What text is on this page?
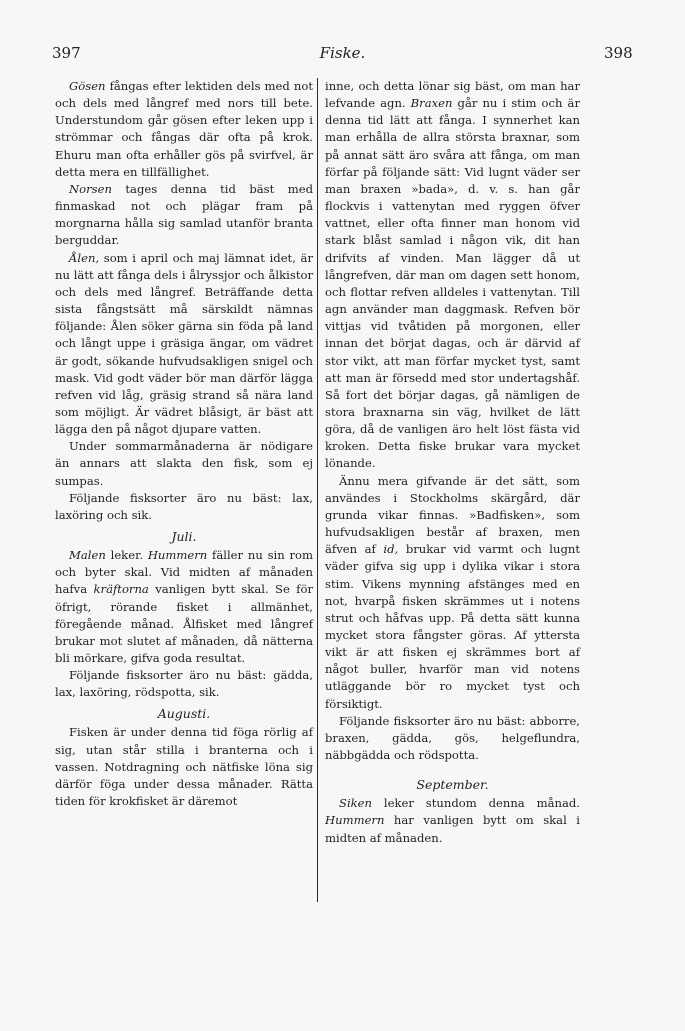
397	Fiske.	398

Gösen fångas efter lektiden dels med not och dels med långref med nors till bete. Understundom går gösen efter leken upp i strömmar och fångas där ofta på krok. Ehuru man ofta erhåller gös på svirfvel, är detta mera en tillfällighet.

Norsen tages denna tid bäst med finmaskad not och plägar fram på morgnarna hålla sig samlad utanför branta berguddar.

Ålen, som i april och maj lämnat idet, är nu lätt att fånga dels i ålryssjor och ålkistor och dels med långref. Beträffande detta sista fångstsätt må särskildt nämnas följande: Ålen söker gärna sin föda på land och långt uppe i gräsiga ängar, om vädret är godt, sökande hufvudsakligen snigel och mask. Vid godt väder bör man därför lägga refven vid låg, gräsig strand så nära land som möjligt. Är vädret blåsigt, är bäst att lägga den på något djupare vatten.

Under sommarmånaderna är nödigare än annars att slakta den fisk, som ej sumpas.

Följande fisksorter äro nu bäst: lax, laxöring och sik.

Juli.

Malen leker. Hummern fäller nu sin rom och byter skal. Vid midten af månaden hafva kräftorna vanligen bytt skal. Se för öfrigt, rörande fisket i allmänhet, föregående månad. Ålfisket med långref brukar mot slutet af månaden, då nätterna bli mörkare, gifva goda resultat.

Följande fisksorter äro nu bäst: gädda, lax, laxöring, rödspotta, sik.

Augusti.

Fisken är under denna tid föga rörlig af sig, utan står stilla i branterna och i vassen. Notdragning och nätfiske löna sig därför föga under dessa månader. Rätta tiden för krokfisket är däremot

inne, och detta lönar sig bäst, om man har lefvande agn. Braxen går nu i stim och är denna tid lätt att fånga. I synnerhet kan man erhålla de allra största braxnar, som på annat sätt äro svåra att fånga, om man förfar på följande sätt: Vid lugnt väder ser man braxen »bada», d. v. s. han går flockvis i vattenytan med ryggen öfver vattnet, eller ofta finner man honom vid stark blåst samlad i någon vik, dit han drifvits af vinden. Man lägger då ut långrefven, där man om dagen sett honom, och flottar refven alldeles i vattenytan. Till agn använder man daggmask. Refven bör vittjas vid tvåtiden på morgonen, eller innan det börjat dagas, och är därvid af stor vikt, att man förfar mycket tyst, samt att man är försedd med stor undertagshåf. Så fort det börjar dagas, gå nämligen de stora braxnarna sin väg, hvilket de lätt göra, då de vanligen äro helt löst fästa vid kroken. Detta fiske brukar vara mycket lönande.

Ännu mera gifvande är det sätt, som användes i Stockholms skärgård, där grunda vikar finnas. »Badfisken», som hufvudsakligen består af braxen, men äfven af id, brukar vid varmt och lugnt väder gifva sig upp i dylika vikar i stora stim. Vikens mynning afstänges med en not, hvarpå fisken skrämmes ut i notens strut och håfvas upp. På detta sätt kunna mycket stora fångster göras. Af yttersta vikt är att fisken ej skrämmes bort af något buller, hvarför man vid notens utläggande bör ro mycket tyst och försiktigt.

Följande fisksorter äro nu bäst: abborre, braxen, gädda, gös, helgeflundra, näbbgädda och rödspotta.

September.

Siken leker stundom denna månad. Hummern har vanligen bytt om skal i midten af månaden.
